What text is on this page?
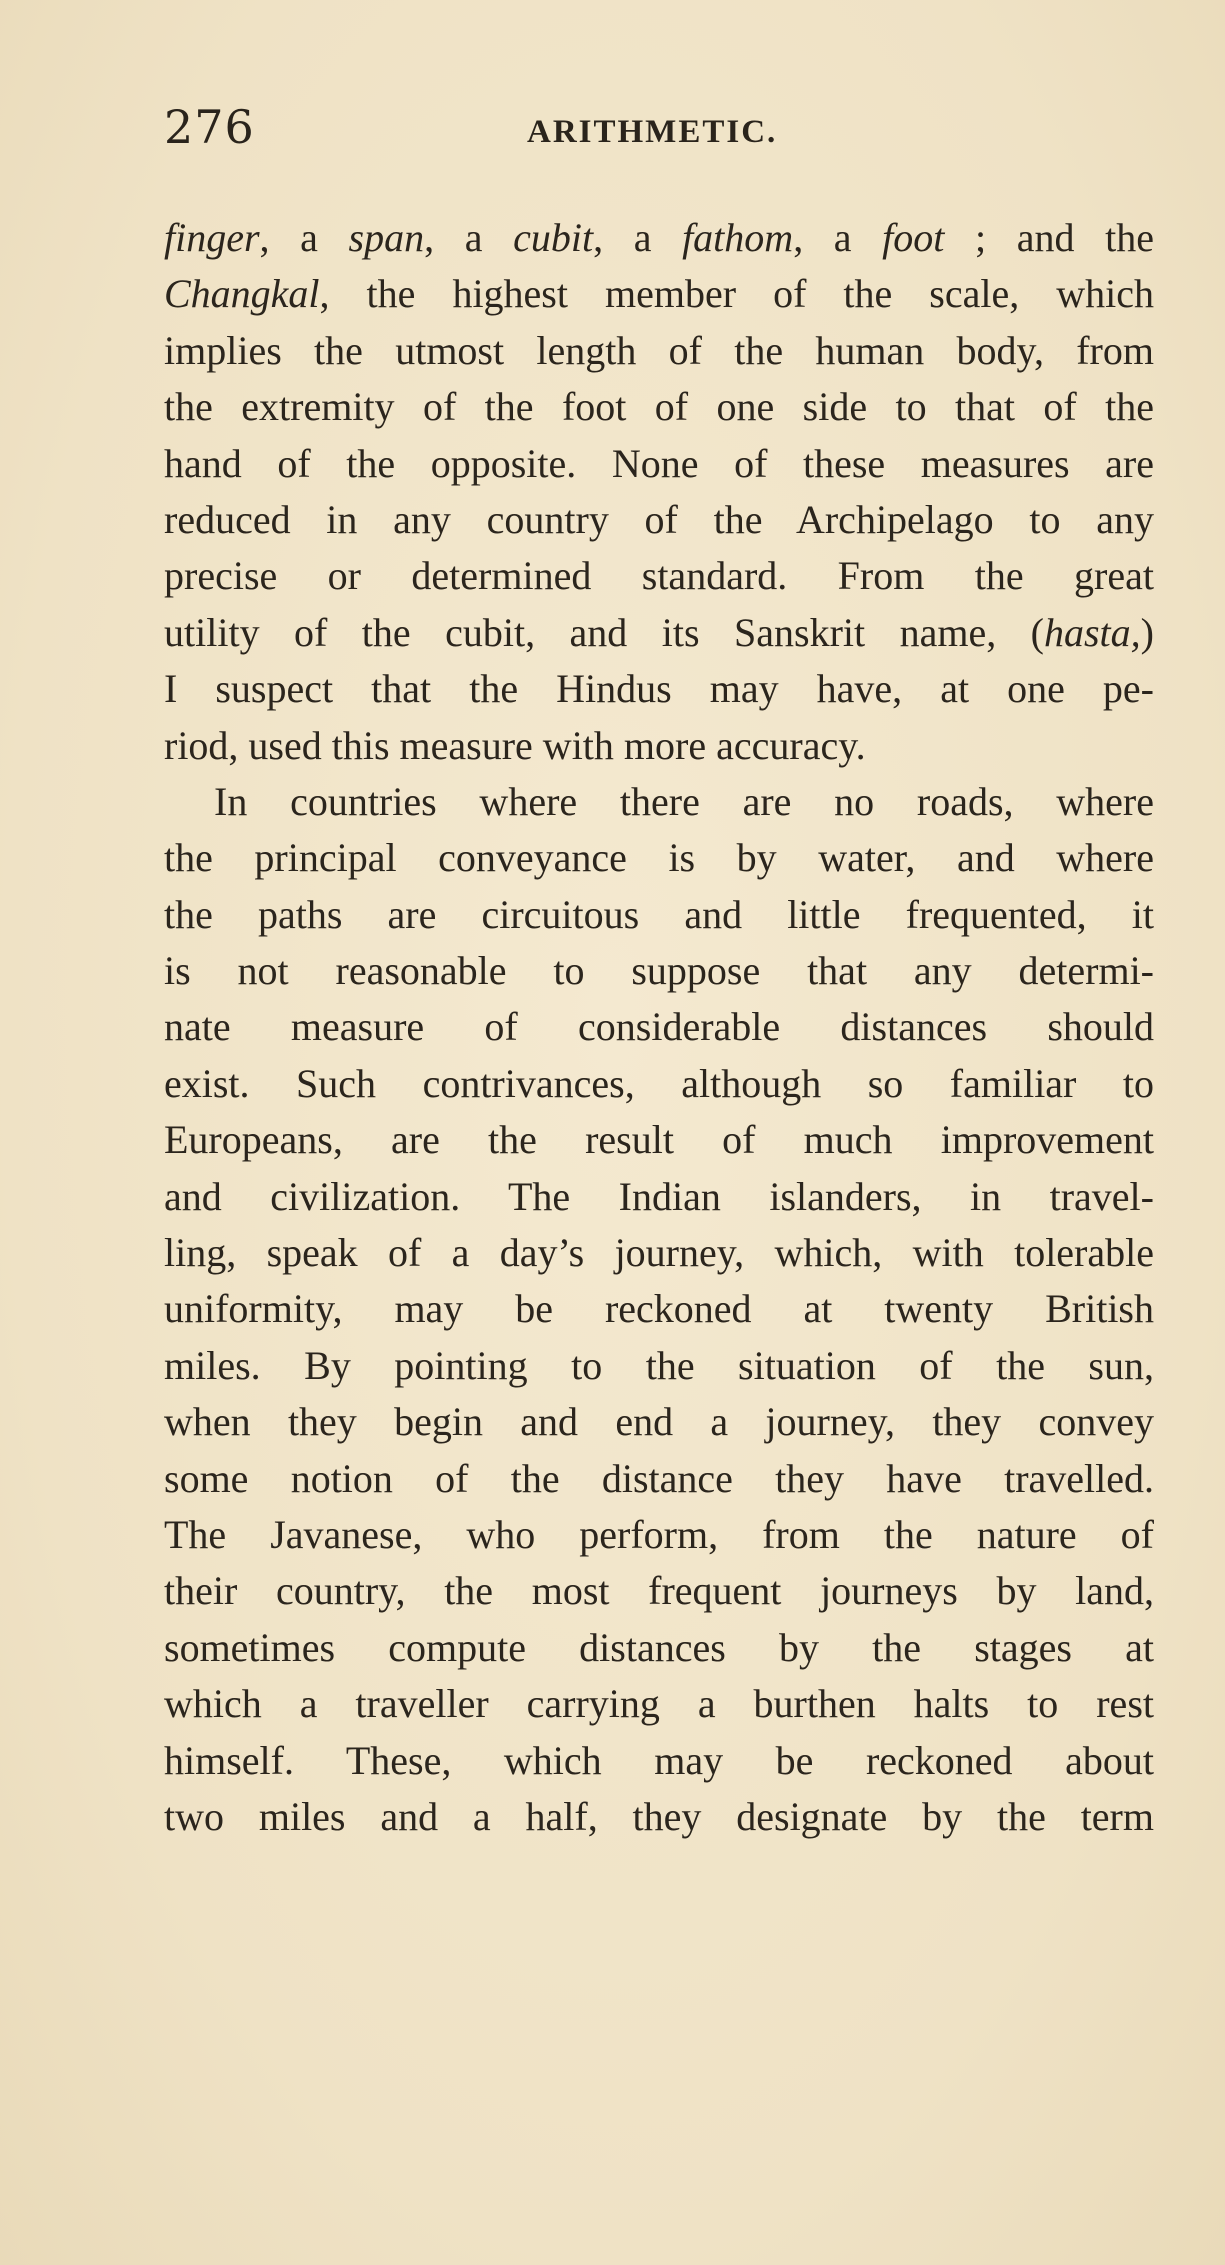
276	ARITHMETIC.
finger, a span, a cubit, a fathom, a foot ; and the
Changkal, the highest member of the scale, which
implies the utmost length of the human body, from
the extremity of the foot of one side to that of the
hand of the opposite. None of these measures are
reduced in any country of the Archipelago to any
precise or determined standard. From the great
utility of the cubit, and its Sanskrit name, (hasta,)
I suspect that the Hindus may have, at one pe-
riod, used this measure with more accuracy.
In countries where there are no roads, where
the principal conveyance is by water, and where
the paths are circuitous and little frequented, it
is not reasonable to suppose that any determi-
nate measure of considerable distances should
exist. Such contrivances, although so familiar to
Europeans, are the result of much improvement
and civilization. The Indian islanders, in travel-
ling, speak of a day’s journey, which, with tolerable
uniformity, may be reckoned at twenty British
miles. By pointing to the situation of the sun,
when they begin and end a journey, they convey
some notion of the distance they have travelled.
The Javanese, who perform, from the nature of
their country, the most frequent journeys by land,
sometimes compute distances by the stages at
which a traveller carrying a burthen halts to rest
himself. These, which may be reckoned about
two miles and a half, they designate by the term
